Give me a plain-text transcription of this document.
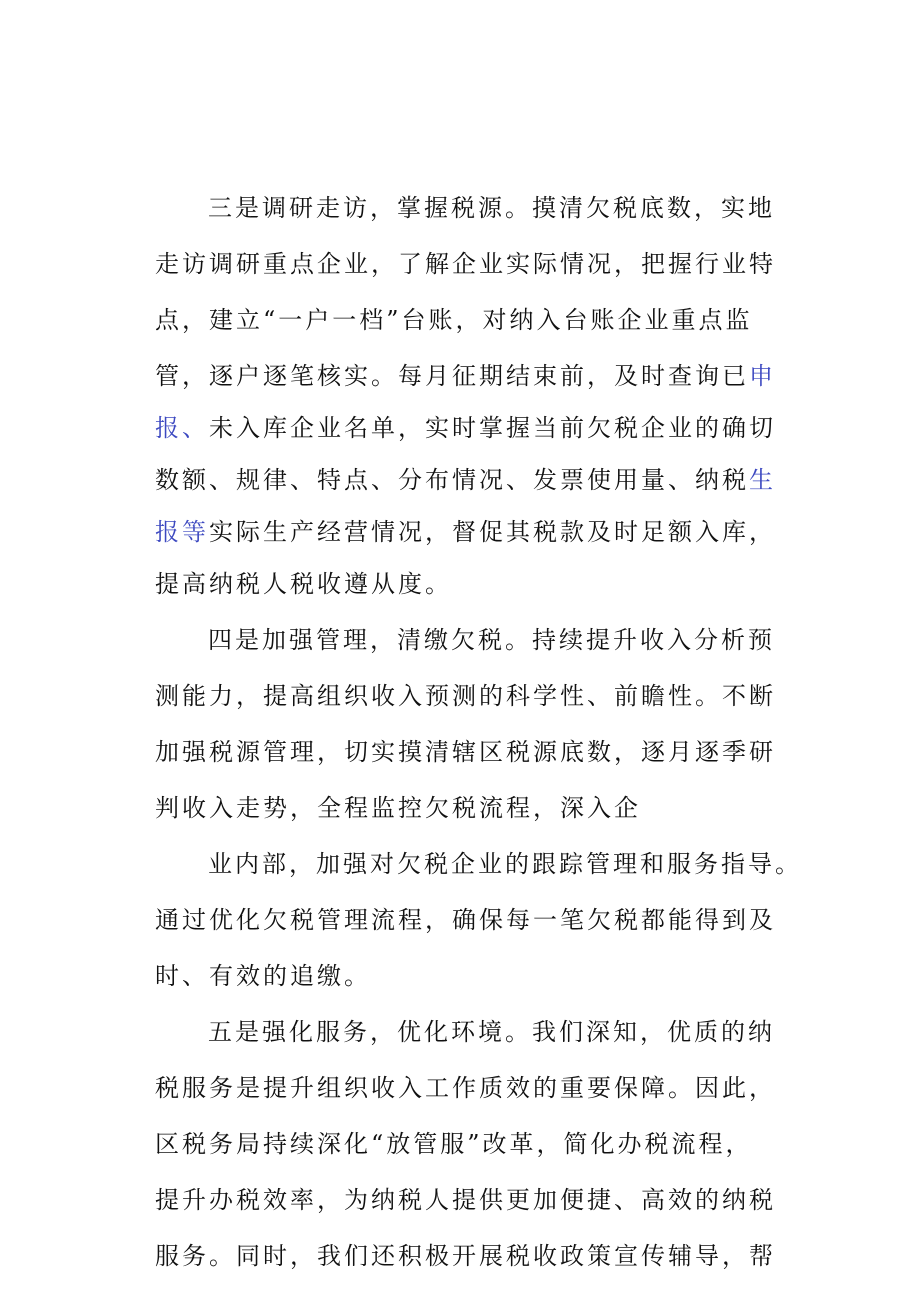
三是调研走访，掌握税源。摸清欠税底数，实地
走访调研重点企业，了解企业实际情况，把握行业特
点，建立“一户一档”台账，对纳入台账企业重点监
管，逐户逐笔核实。每月征期结束前，及时查询已申
报、未入库企业名单，实时掌握当前欠税企业的确切
数额、规律、特点、分布情况、发票使用量、纳税生
报等实际生产经营情况，督促其税款及时足额入库，
提高纳税人税收遵从度。
四是加强管理，清缴欠税。持续提升收入分析预
测能力，提高组织收入预测的科学性、前瞻性。不断
加强税源管理，切实摸清辖区税源底数，逐月逐季研
判收入走势，全程监控欠税流程，深入企
业内部，加强对欠税企业的跟踪管理和服务指导。
通过优化欠税管理流程，确保每一笔欠税都能得到及
时、有效的追缴。
五是强化服务，优化环境。我们深知，优质的纳
税服务是提升组织收入工作质效的重要保障。因此，
区税务局持续深化“放管服”改革，简化办税流程，
提升办税效率，为纳税人提供更加便捷、高效的纳税
服务。同时，我们还积极开展税收政策宣传辅导，帮
